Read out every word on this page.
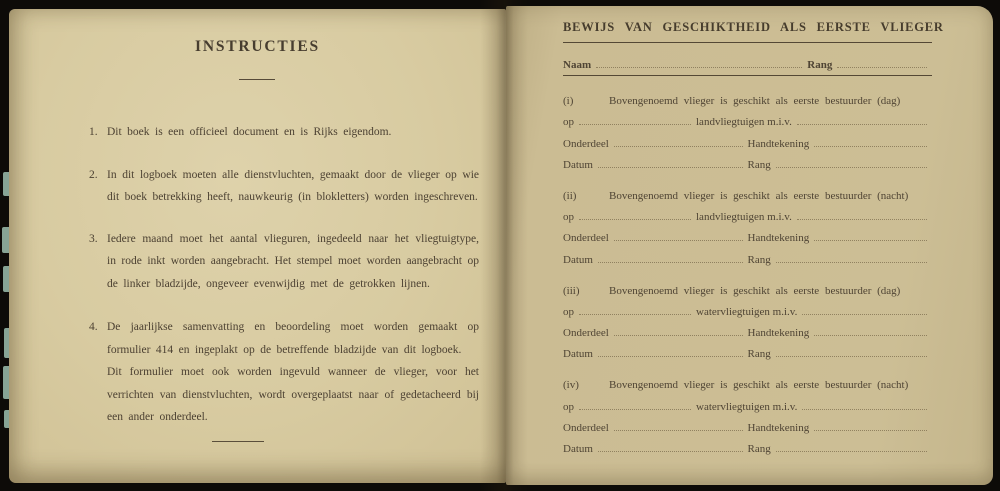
INSTRUCTIES
1. Dit boek is een officieel document en is Rijks eigendom.
2. In dit logboek moeten alle dienstvluchten, gemaakt door de vlieger op wie dit boek betrekking heeft, nauwkeurig (in blokletters) worden ingeschreven.
3. Iedere maand moet het aantal vlieguren, ingedeeld naar het vliegtuigtype, in rode inkt worden aangebracht. Het stempel moet worden aangebracht op de linker bladzijde, ongeveer evenwijdig met de getrokken lijnen.
4. De jaarlijkse samenvatting en beoordeling moet worden gemaakt op formulier 414 en ingeplakt op de betreffende bladzijde van dit logboek.
Dit formulier moet ook worden ingevuld wanneer de vlieger, voor het verrichten van dienstvluchten, wordt overgeplaatst naar of gedetacheerd bij een ander onderdeel.
BEWIJS VAN GESCHIKTHEID ALS EERSTE VLIEGER
Naam	Rang
(i)	Bovengenoemd vlieger is geschikt als eerste bestuurder (dag)
op	landvliegtuigen m.i.v.
Onderdeel	Handtekening
Datum	Rang
(ii)	Bovengenoemd vlieger is geschikt als eerste bestuurder (nacht)
op	landvliegtuigen m.i.v.
Onderdeel	Handtekening
Datum	Rang
(iii)	Bovengenoemd vlieger is geschikt als eerste bestuurder (dag)
op	watervliegtuigen m.i.v.
Onderdeel	Handtekening
Datum	Rang
(iv)	Bovengenoemd vlieger is geschikt als eerste bestuurder (nacht)
op	watervliegtuigen m.i.v.
Onderdeel	Handtekening
Datum	Rang
